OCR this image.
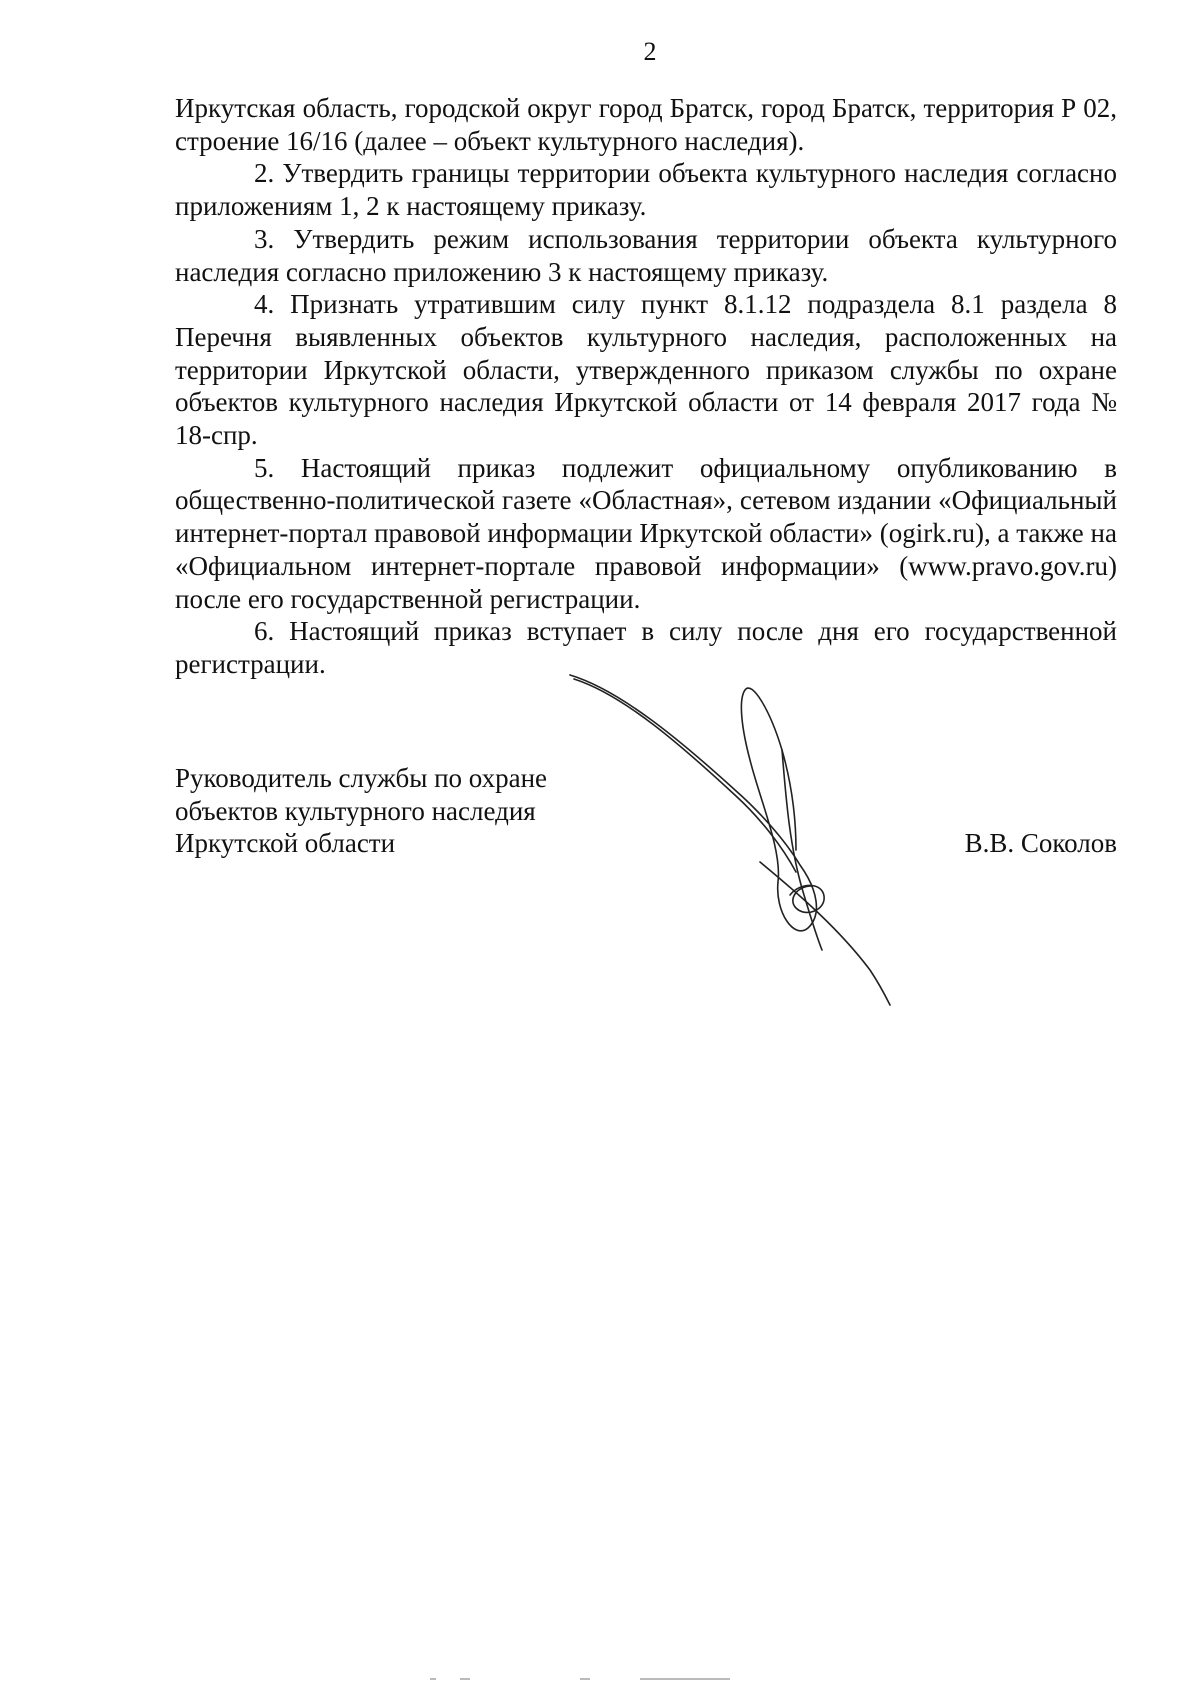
2

Иркутская область, городской округ город Братск, город Братск, территория Р 02, строение 16/16 (далее – объект культурного наследия).

2. Утвердить границы территории объекта культурного наследия согласно приложениям 1, 2 к настоящему приказу.

3. Утвердить режим использования территории объекта культурного наследия согласно приложению 3 к настоящему приказу.

4. Признать утратившим силу пункт 8.1.12 подраздела 8.1 раздела 8 Перечня выявленных объектов культурного наследия, расположенных на территории Иркутской области, утвержденного приказом службы по охране объектов культурного наследия Иркутской области от 14 февраля 2017 года № 18-спр.

5. Настоящий приказ подлежит официальному опубликованию в общественно-политической газете «Областная», сетевом издании «Официальный интернет-портал правовой информации Иркутской области» (ogirk.ru), а также на «Официальном интернет-портале правовой информации» (www.pravo.gov.ru) после его государственной регистрации.

6. Настоящий приказ вступает в силу после дня его государственной регистрации.

Руководитель службы по охране
объектов культурного наследия
Иркутской области	В.В. Соколов
